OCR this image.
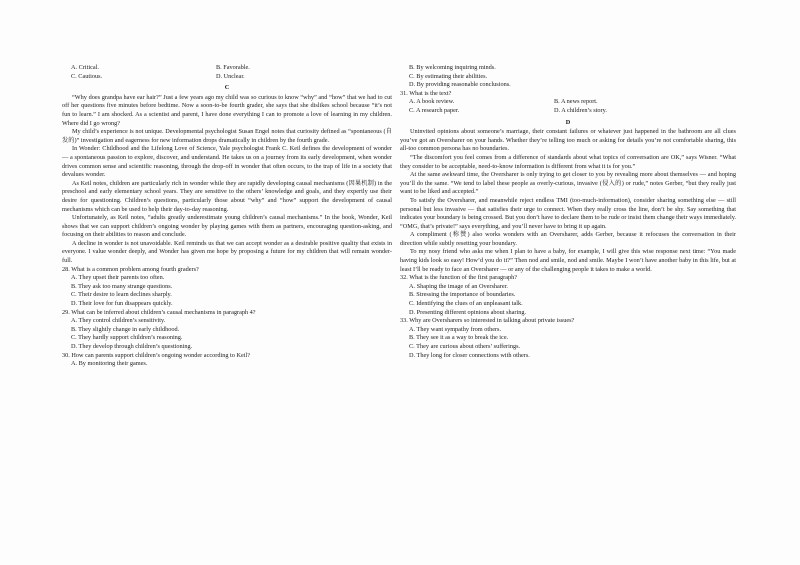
A. Critical.	B. Favorable.
C. Cautious.	D. Unclear.

C

“Why does grandpa have ear hair?” Just a few years ago my child was so curious to know “why” and “how” that we had to cut off her questions five minutes before bedtime. Now a soon-to-be fourth grader, she says that she dislikes school because “it’s not fun to learn.” I am shocked. As a scientist and parent, I have done everything I can to promote a love of learning in my children. Where did I go wrong?

My child’s experience is not unique. Developmental psychologist Susan Engel notes that curiosity defined as “spontaneous (自发的)” investigation and eagerness for new information drops dramatically in children by the fourth grade.

In Wonder: Childhood and the Lifelong Love of Science, Yale psychologist Frank C. Keil defines the development of wonder — a spontaneous passion to explore, discover, and understand. He takes us on a journey from its early development, when wonder drives common sense and scientific reasoning, through the drop-off in wonder that often occurs, to the trap of life in a society that devalues wonder.

As Keil notes, children are particularly rich in wonder while they are rapidly developing causal mechanisms (因果机制) in the preschool and early elementary school years. They are sensitive to the others’ knowledge and goals, and they expertly use their desire for questioning. Children’s questions, particularly those about “why” and “how” support the development of causal mechanisms which can be used to help their day-to-day reasoning.

Unfortunately, as Keil notes, “adults greatly underestimate young children’s causal mechanisms.” In the book, Wonder, Keil shows that we can support children’s ongoing wonder by playing games with them as partners, encouraging question-asking, and focusing on their abilities to reason and conclude.

A decline in wonder is not unavoidable. Keil reminds us that we can accept wonder as a desirable positive quality that exists in everyone. I value wonder deeply, and Wonder has given me hope by proposing a future for my children that will remain wonder-full.

28. What is a common problem among fourth graders?

A. They upset their parents too often.

B. They ask too many strange questions.

C. Their desire to learn declines sharply.

D. Their love for fun disappears quickly.

29. What can be inferred about children’s causal mechanisms in paragraph 4?

A. They control children’s sensitivity.

B. They slightly change in early childhood.

C. They hardly support children’s reasoning.

D. They develop through children’s questioning.

30. How can parents support children’s ongoing wonder according to Keil?

A. By monitoring their games.

B. By welcoming inquiring minds.

C. By estimating their abilities.

D. By providing reasonable conclusions.

31. What is the text?

A. A book review.	B. A news report.
C. A research paper.	D. A children’s story.

D

Uninvited opinions about someone’s marriage, their constant failures or whatever just happened in the bathroom are all clues you’ve got an Oversharer on your hands. Whether they’re telling too much or asking for details you’re not comfortable sharing, this all-too common persona has no boundaries.

“The discomfort you feel comes from a difference of standards about what topics of conversation are OK,” says Wisner. “What they consider to be acceptable, need-to-know information is different from what it is for you.”

At the same awkward time, the Oversharer is only trying to get closer to you by revealing more about themselves — and hoping you’ll do the same. “We tend to label these people as overly-curious, invasive (侵入的) or rude,” notes Gerber, “but they really just want to be liked and accepted.”

To satisfy the Oversharer, and meanwhile reject endless TMI (too-much-information), consider sharing something else — still personal but less invasive — that satisfies their urge to connect. When they really cross the line, don’t be shy. Say something that indicates your boundary is being crossed. But you don’t have to declare them to be rude or insist them change their ways immediately. “OMG, that’s private!” says everything, and you’ll never have to bring it up again.

A compliment (称赞) also works wonders with an Oversharer, adds Gerber, because it refocuses the conversation in their direction while subtly resetting your boundary.

To my nosy friend who asks me when I plan to have a baby, for example, I will give this wise response next time: “You made having kids look so easy! How’d you do it?” Then nod and smile, nod and smile. Maybe I won’t have another baby in this life, but at least I’ll be ready to face an Oversharer — or any of the challenging people it takes to make a world.

32. What is the function of the first paragraph?

A. Shaping the image of an Oversharer.

B. Stressing the importance of boundaries.

C. Identifying the clues of an unpleasant talk.

D. Presenting different opinions about sharing.

33. Why are Oversharers so interested in talking about private issues?

A. They want sympathy from others.

B. They see it as a way to break the ice.

C. They are curious about others’ sufferings.

D. They long for closer connections with others.
